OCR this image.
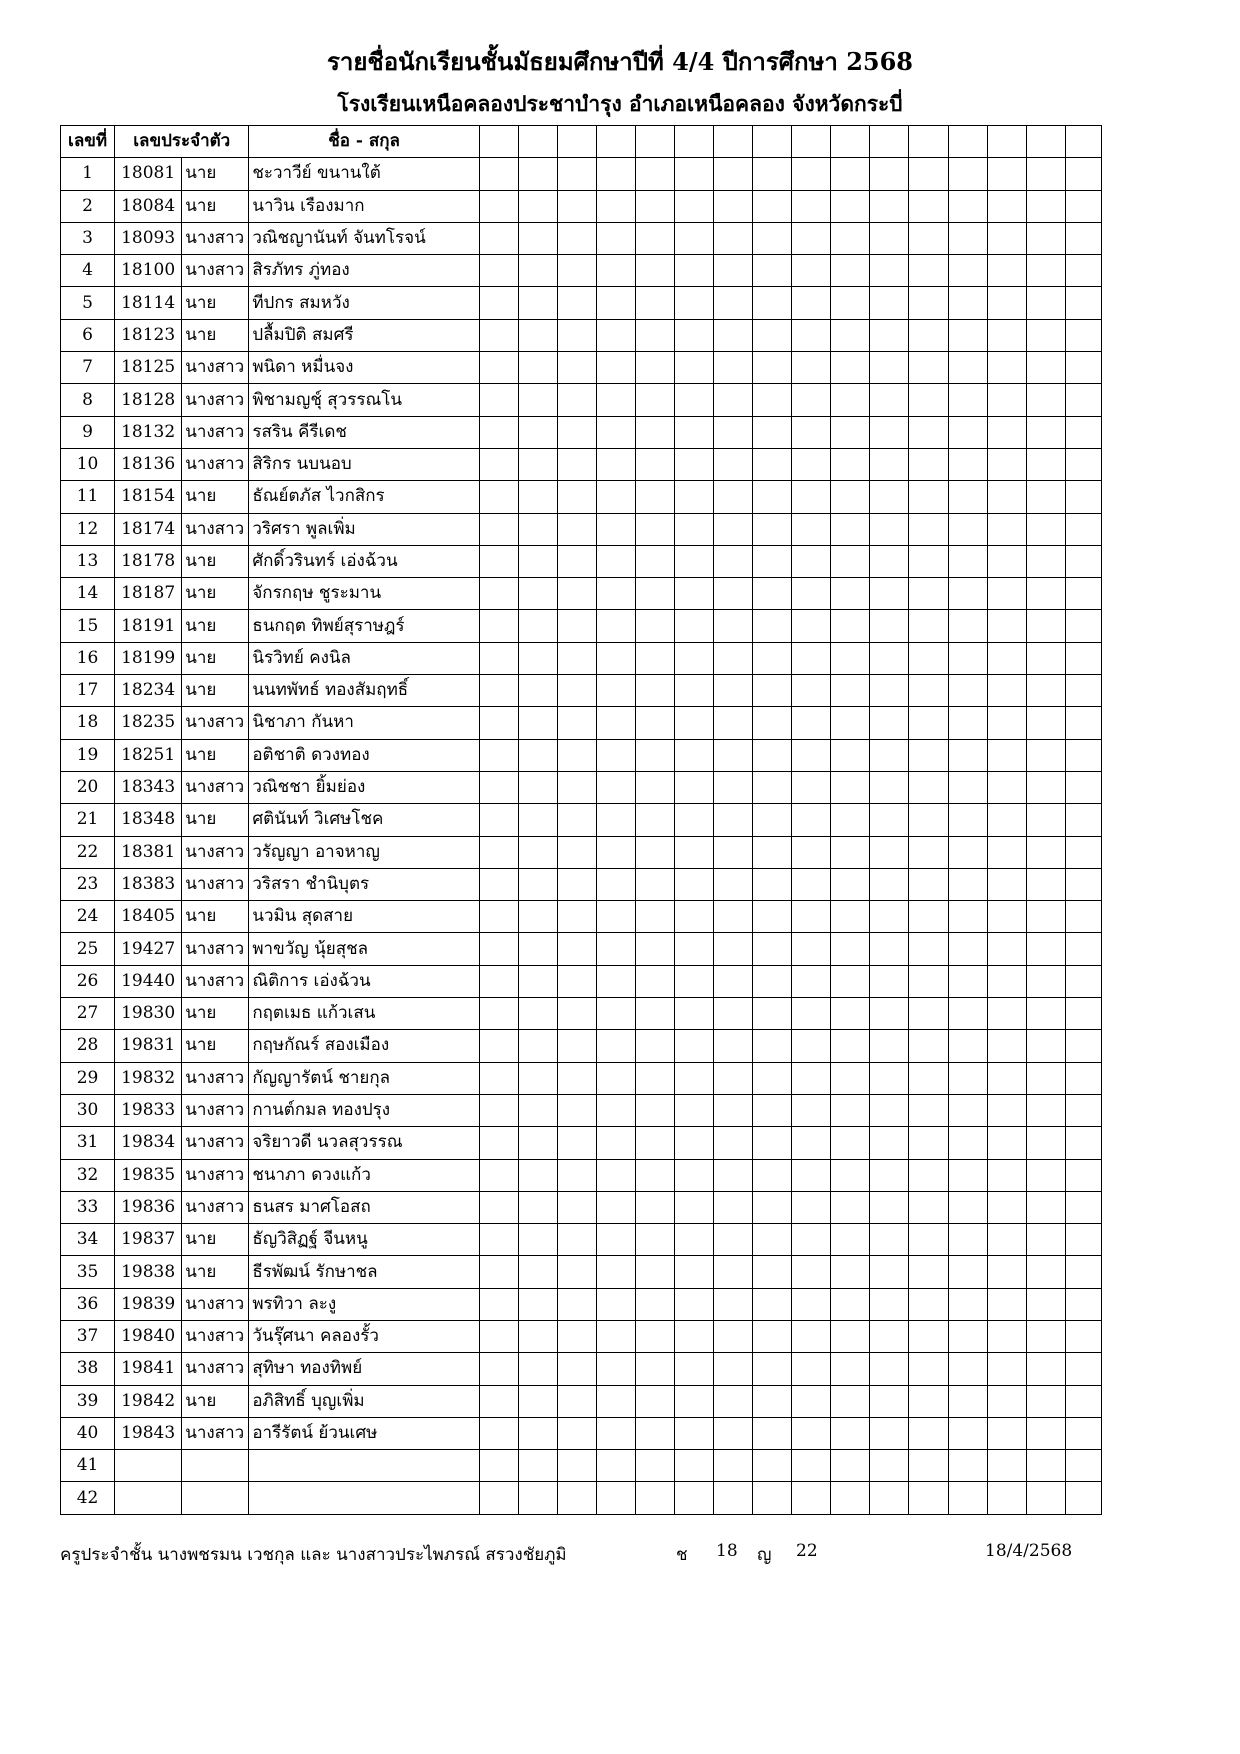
รายชื่อนักเรียนชั้นมัธยมศึกษาปีที่ 4/4 ปีการศึกษา 2568
โรงเรียนเหนือคลองประชาบำรุง อำเภอเหนือคลอง จังหวัดกระบี่
เลขที่	เลขประจำตัว		ชื่อ - สกุล																
1	18081	นาย	ชะวาวีย์ ขนานใต้																
2	18084	นาย	นาวิน เรืองมาก																
3	18093	นางสาว	วณิชญานันท์ จันทโรจน์																
4	18100	นางสาว	สิรภัทร ภู่ทอง																
5	18114	นาย	ทีปกร สมหวัง																
6	18123	นาย	ปลื้มปิติ สมศรี																
7	18125	นางสาว	พนิดา หมื่นจง																
8	18128	นางสาว	พิชามญชุ์ สุวรรณโน																
9	18132	นางสาว	รสริน คีรีเดช																
10	18136	นางสาว	สิริกร นบนอบ																
11	18154	นาย	ธัณย์ตภัส ไวกสิกร																
12	18174	นางสาว	วริศรา พูลเพิ่ม																
13	18178	นาย	ศักดิ์วรินทร์ เอ่งฉ้วน																
14	18187	นาย	จักรกฤษ ชูระมาน																
15	18191	นาย	ธนกฤต ทิพย์สุราษฎร์																
16	18199	นาย	นิรวิทย์ คงนิล																
17	18234	นาย	นนทพัทธ์ ทองสัมฤทธิ์																
18	18235	นางสาว	นิชาภา กันหา																
19	18251	นาย	อติชาติ ดวงทอง																
20	18343	นางสาว	วณิชชา ยิ้มย่อง																
21	18348	นาย	ศตินันท์ วิเศษโชค																
22	18381	นางสาว	วรัญญา อาจหาญ																
23	18383	นางสาว	วริสรา ชำนิบุตร																
24	18405	นาย	นวมิน สุดสาย																
25	19427	นางสาว	พาขวัญ นุ้ยสุชล																
26	19440	นางสาว	ณิติการ เอ่งฉ้วน																
27	19830	นาย	กฤตเมธ แก้วเสน																
28	19831	นาย	กฤษกัณร์ สองเมือง																
29	19832	นางสาว	กัญญารัตน์ ชายกุล																
30	19833	นางสาว	กานต์กมล ทองปรุง																
31	19834	นางสาว	จริยาวดี นวลสุวรรณ																
32	19835	นางสาว	ชนาภา ดวงแก้ว																
33	19836	นางสาว	ธนสร มาศโอสถ																
34	19837	นาย	ธัญวิสิฏฐ์ จีนหนู																
35	19838	นาย	ธีรพัฒน์ รักษาชล																
36	19839	นางสาว	พรทิวา ละงู																
37	19840	นางสาว	วันรุ๊ศนา คลองรั้ว																
38	19841	นางสาว	สุทิษา ทองทิพย์																
39	19842	นาย	อภิสิทธิ์ บุญเพิ่ม																
40	19843	นางสาว	อารีรัตน์ ย้วนเศษ																
41																			
42																			
ครูประจำชั้น นางพชรมน เวชกุล และ นางสาวประไพภรณ์ สรวงชัยภูมิ	ช 18 ญ 22	18/4/2568
